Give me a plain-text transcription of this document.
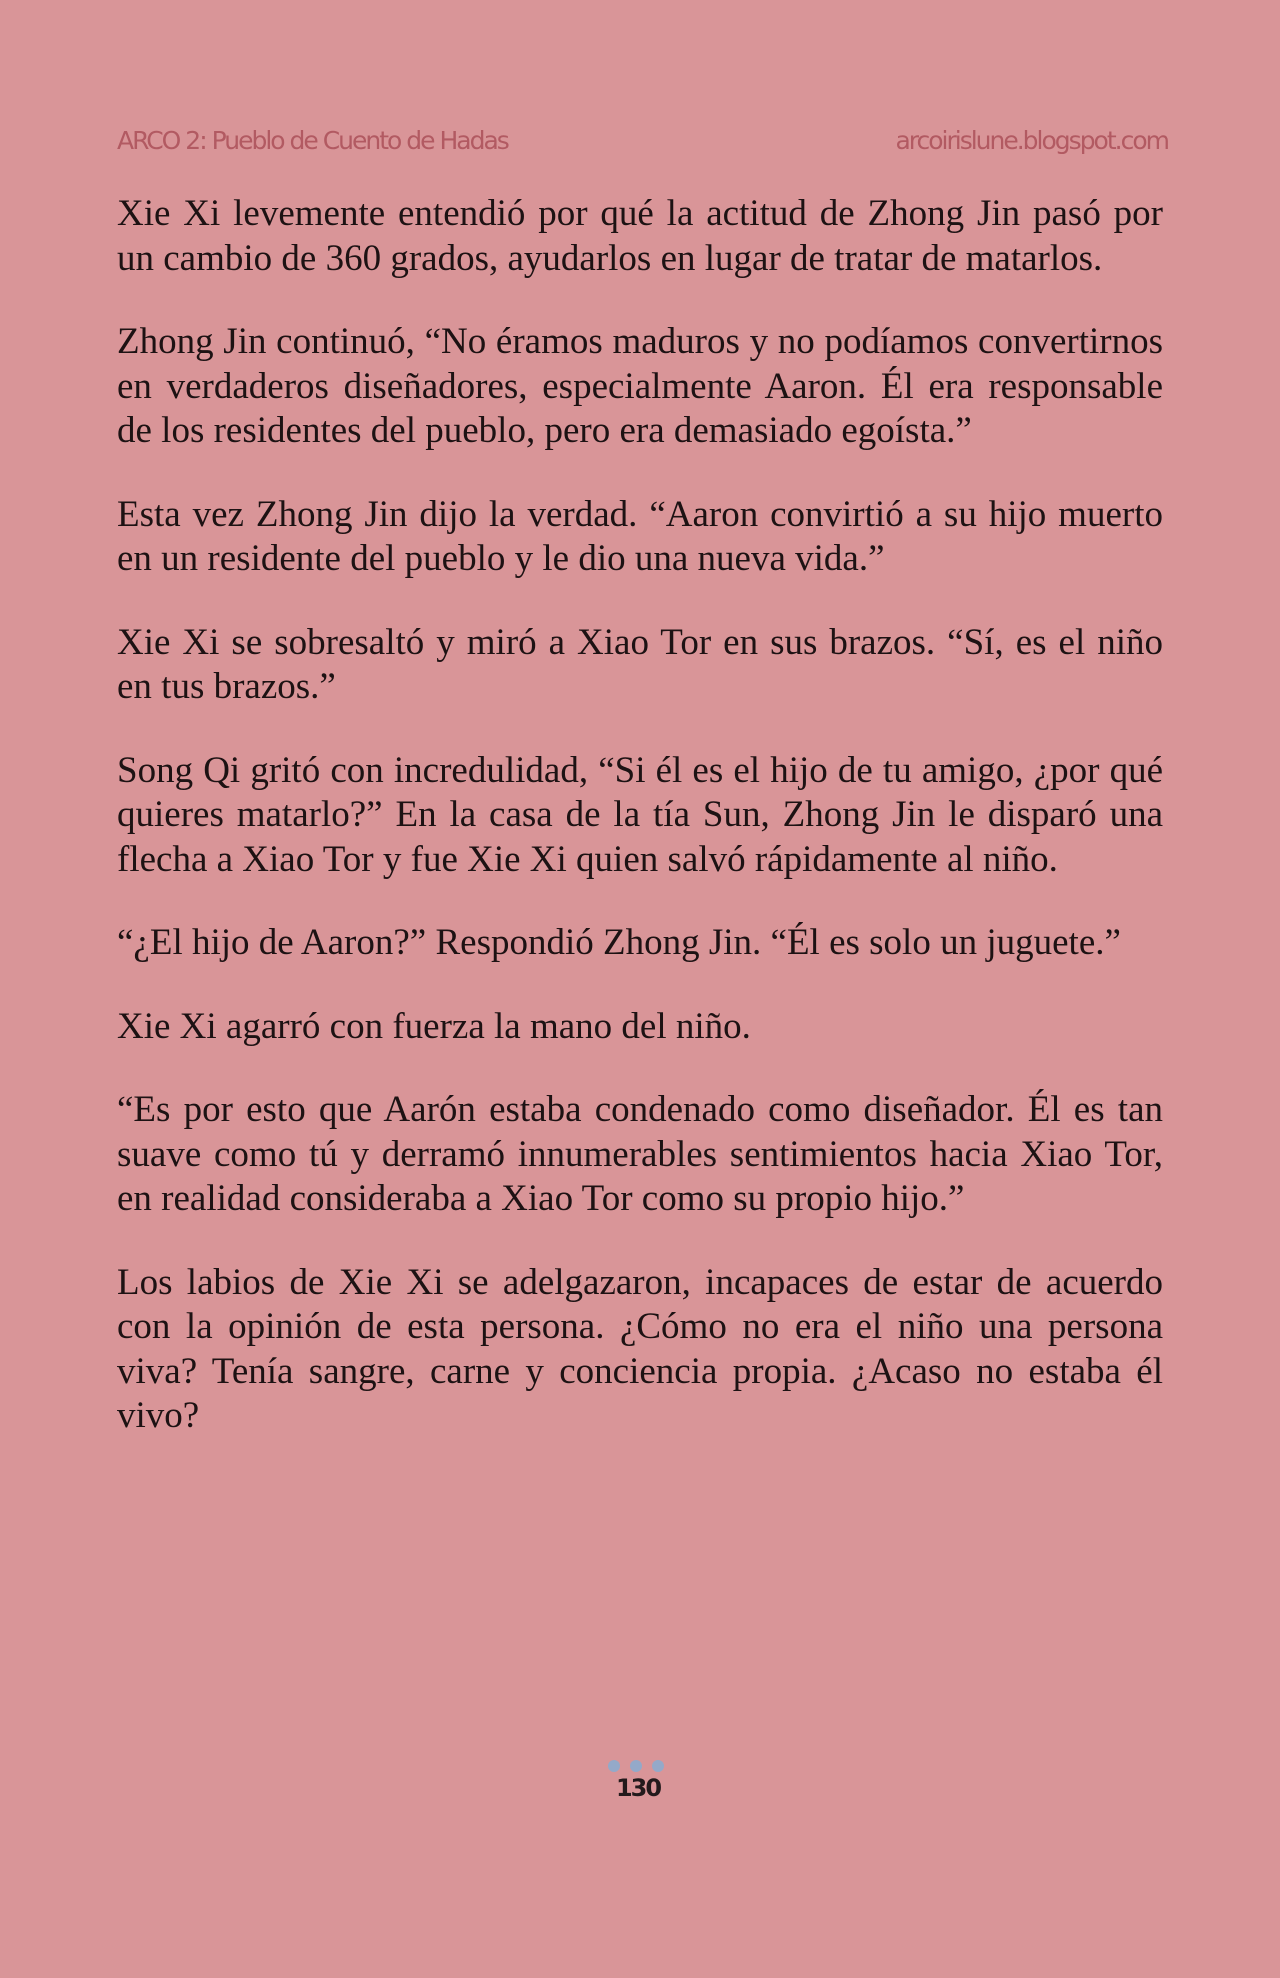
ARCO 2: Pueblo de Cuento de Hadas	arcoirislune.blogspot.com

Xie Xi levemente entendió por qué la actitud de Zhong Jin pasó por un cambio de 360 grados, ayudarlos en lugar de tratar de matarlos.

Zhong Jin continuó, “No éramos maduros y no podíamos convertirnos en verdaderos diseñadores, especialmente Aaron. Él era responsable de los residentes del pueblo, pero era demasiado egoísta.”

Esta vez Zhong Jin dijo la verdad. “Aaron convirtió a su hijo muerto en un residente del pueblo y le dio una nueva vida.”

Xie Xi se sobresaltó y miró a Xiao Tor en sus brazos. “Sí, es el niño en tus brazos.”

Song Qi gritó con incredulidad, “Si él es el hijo de tu amigo, ¿por qué quieres matarlo?” En la casa de la tía Sun, Zhong Jin le disparó una flecha a Xiao Tor y fue Xie Xi quien salvó rápidamente al niño.

“¿El hijo de Aaron?” Respondió Zhong Jin. “Él es solo un juguete.”

Xie Xi agarró con fuerza la mano del niño.

“Es por esto que Aarón estaba condenado como diseñador. Él es tan suave como tú y derramó innumerables sentimientos hacia Xiao Tor, en realidad consideraba a Xiao Tor como su propio hijo.”

Los labios de Xie Xi se adelgazaron, incapaces de estar de acuerdo con la opinión de esta persona. ¿Cómo no era el niño una persona viva? Tenía sangre, carne y conciencia propia. ¿Acaso no estaba él vivo?

130
